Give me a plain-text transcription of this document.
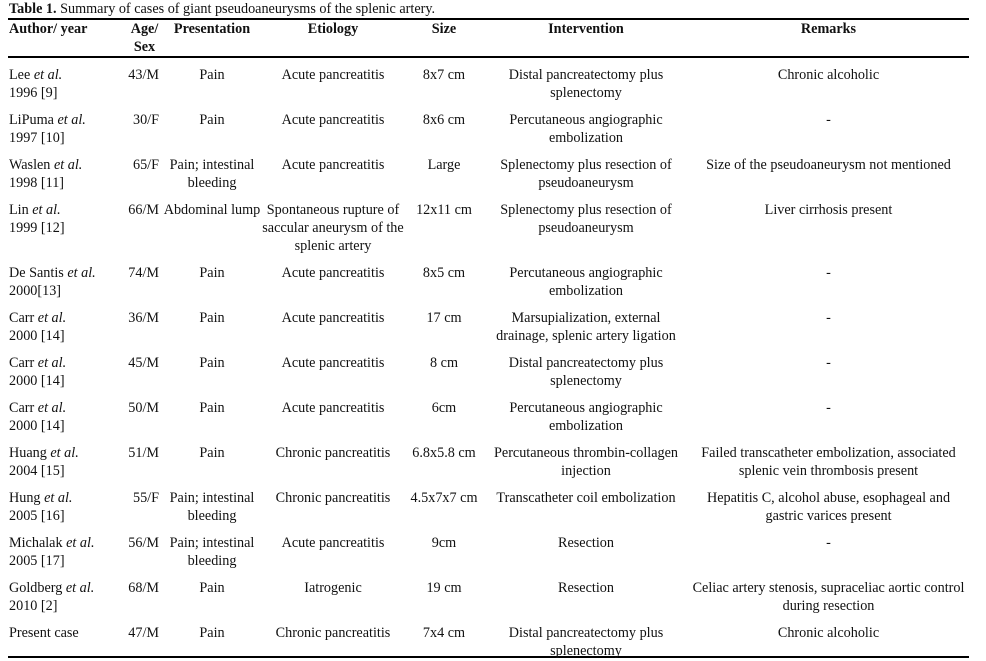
Table 1. Summary of cases of giant pseudoaneurysms of the splenic artery.
Author/ year	Age/ Sex	Presentation	Etiology	Size	Intervention	Remarks
Lee et al.
1996 [9]	43/M	Pain	Acute pancreatitis	8x7 cm	Distal pancreatectomy plus splenectomy	Chronic alcoholic
LiPuma et al.
1997 [10]	30/F	Pain	Acute pancreatitis	8x6 cm	Percutaneous angiographic embolization	-
Waslen et al.
1998 [11]	65/F	Pain; intestinal bleeding	Acute pancreatitis	Large	Splenectomy plus resection of pseudoaneurysm	Size of the pseudoaneurysm not mentioned
Lin et al.
1999 [12]	66/M	Abdominal lump	Spontaneous rupture of saccular aneurysm of the splenic artery	12x11 cm	Splenectomy plus resection of pseudoaneurysm	Liver cirrhosis present
De Santis et al.
2000[13]	74/M	Pain	Acute pancreatitis	8x5 cm	Percutaneous angiographic embolization	-
Carr et al.
2000 [14]	36/M	Pain	Acute pancreatitis	17 cm	Marsupialization, external drainage, splenic artery ligation	-
Carr et al.
2000 [14]	45/M	Pain	Acute pancreatitis	8 cm	Distal pancreatectomy plus splenectomy	-
Carr et al.
2000 [14]	50/M	Pain	Acute pancreatitis	6cm	Percutaneous angiographic embolization	-
Huang et al.
2004 [15]	51/M	Pain	Chronic pancreatitis	6.8x5.8 cm	Percutaneous thrombin-collagen injection	Failed transcatheter embolization, associated splenic vein thrombosis present
Hung et al.
2005 [16]	55/F	Pain; intestinal bleeding	Chronic pancreatitis	4.5x7x7 cm	Transcatheter coil embolization	Hepatitis C, alcohol abuse, esophageal and gastric varices present
Michalak et al.
2005 [17]	56/M	Pain; intestinal bleeding	Acute pancreatitis	9cm	Resection	-
Goldberg et al.
2010 [2]	68/M	Pain	Iatrogenic	19 cm	Resection	Celiac artery stenosis, supraceliac aortic control during resection
Present case	47/M	Pain	Chronic pancreatitis	7x4 cm	Distal pancreatectomy plus splenectomy	Chronic alcoholic
